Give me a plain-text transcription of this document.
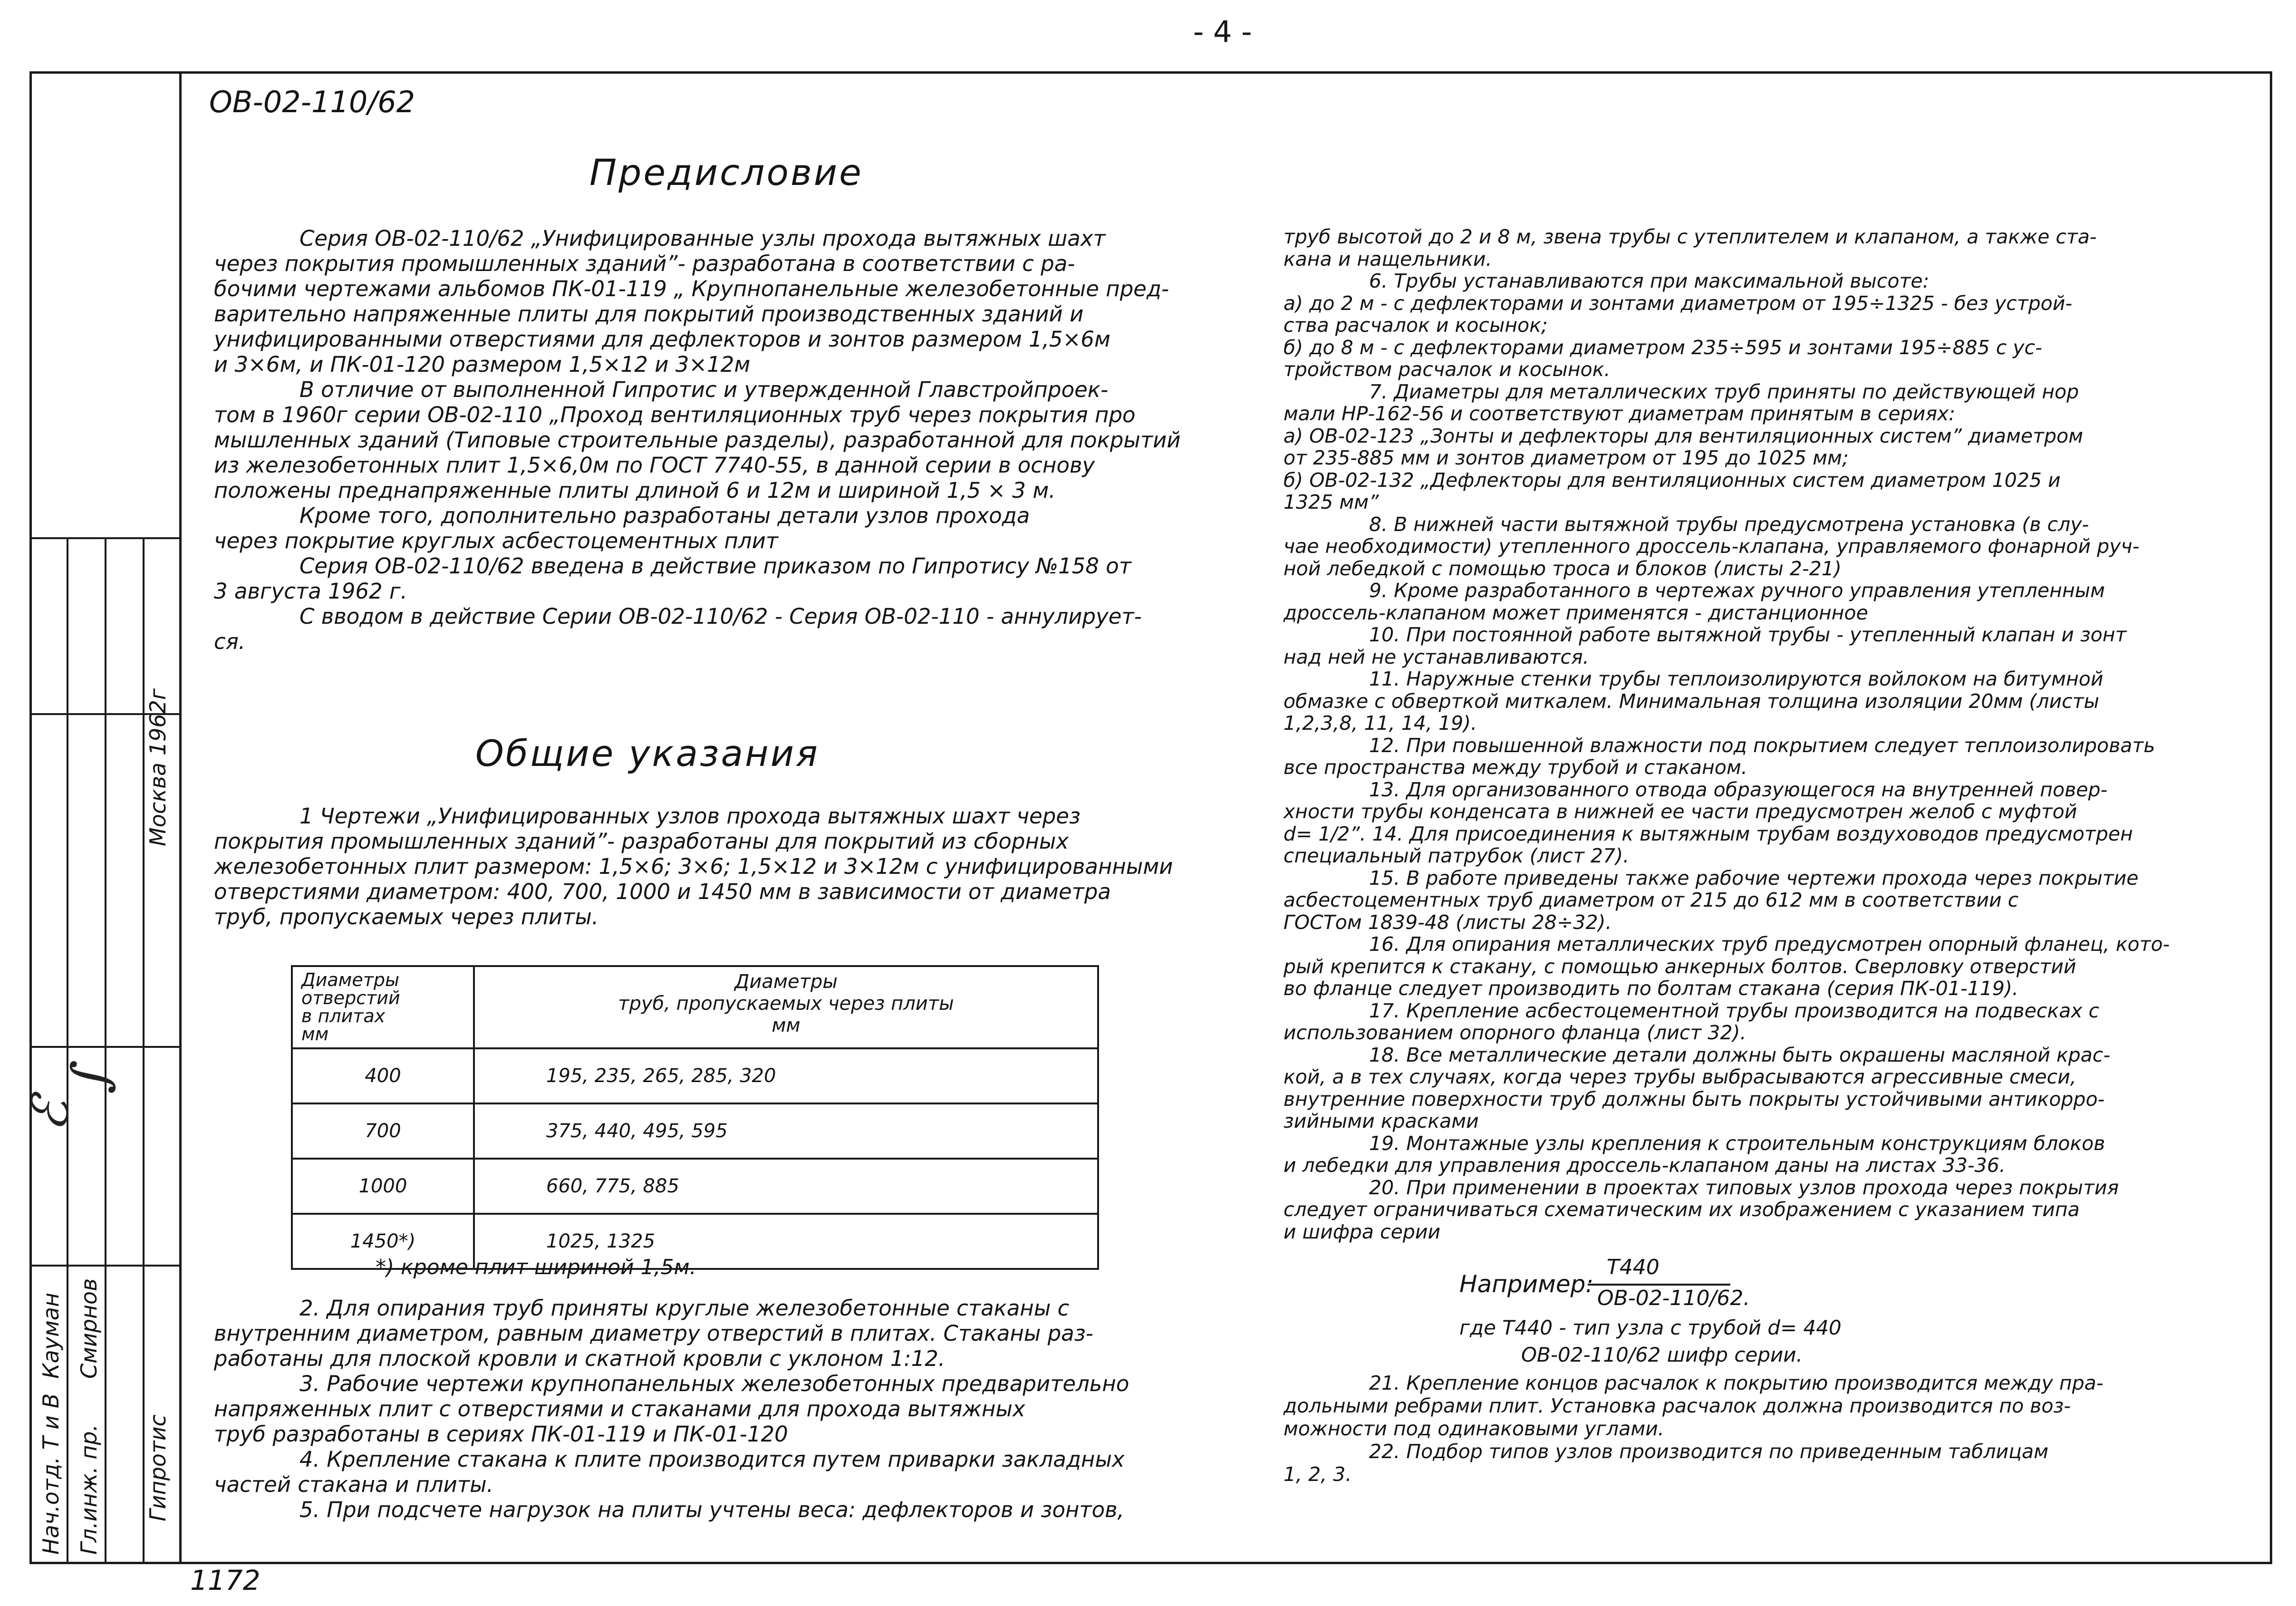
- 4 -
Гипротис
Москва 1962г
Нач.отд. Т и В Гл.инж. пр.
Кауман Смирнов
ℰ
∫
ОВ-02-110/62
Предисловие

Серия ОВ-02-110/62 „Унифицированные узлы прохода вытяжных шахт
через покрытия промышленных зданий”- разработана в соответствии с ра-
бочими чертежами альбомов ПК-01-119 „ Крупнопанельные железобетонные пред-
варительно напряженные плиты для покрытий производственных зданий и
унифицированными отверстиями для дефлекторов и зонтов размером 1,5×6м
и 3×6м, и ПК-01-120 размером 1,5×12 и 3×12м

В отличие от выполненной Гипротис и утвержденной Главстройпроек-
том в 1960г серии ОВ-02-110 „Проход вентиляционных труб через покрытия про
мышленных зданий (Типовые строительные разделы), разработанной для покрытий
из железобетонных плит 1,5×6,0м по ГОСТ 7740-55, в данной серии в основу
положены преднапряженные плиты длиной 6 и 12м и шириной 1,5 × 3 м.

Кроме того, дополнительно разработаны детали узлов прохода
через покрытие круглых асбестоцементных плит

Серия ОВ-02-110/62 введена в действие приказом по Гипротису №158 от
3 августа 1962 г.

С вводом в действие Серии ОВ-02-110/62 - Серия ОВ-02-110 - аннулирует-
ся.

Общие указания

1 Чертежи „Унифицированных узлов прохода вытяжных шахт через
покрытия промышленных зданий”- разработаны для покрытий из сборных
железобетонных плит размером: 1,5×6; 3×6; 1,5×12 и 3×12м с унифицированными
отверстиями диаметром: 400, 700, 1000 и 1450 мм в зависимости от диаметра
труб, пропускаемых через плиты.

Диаметры
отверстий
в плитах
мм	Диаметры
труб, пропускаемых через плиты
мм
400	195, 235, 265, 285, 320
700	375, 440, 495, 595
1000	660, 775, 885
1450*)	1025, 1325
*) кроме плит шириной 1,5м.

2. Для опирания труб приняты круглые железобетонные стаканы с
внутренним диаметром, равным диаметру отверстий в плитах. Стаканы раз-
работаны для плоской кровли и скатной кровли с уклоном 1:12.

3. Рабочие чертежи крупнопанельных железобетонных предварительно
напряженных плит с отверстиями и стаканами для прохода вытяжных
труб разработаны в сериях ПК-01-119 и ПК-01-120

4. Крепление стакана к плите производится путем приварки закладных
частей стакана и плиты.

5. При подсчете нагрузок на плиты учтены веса: дефлекторов и зонтов,

труб высотой до 2 и 8 м, звена трубы с утеплителем и клапаном, а также ста-
кана и нащельники.

6. Трубы устанавливаются при максимальной высоте:
а) до 2 м - с дефлекторами и зонтами диаметром от 195÷1325 - без устрой-
ства расчалок и косынок;
б) до 8 м - с дефлекторами диаметром 235÷595 и зонтами 195÷885 с ус-
тройством расчалок и косынок.

7. Диаметры для металлических труб приняты по действующей нор
мали НР-162-56 и соответствуют диаметрам принятым в сериях:
а) ОВ-02-123 „Зонты и дефлекторы для вентиляционных систем” диаметром
от 235-885 мм и зонтов диаметром от 195 до 1025 мм;
б) ОВ-02-132 „Дефлекторы для вентиляционных систем диаметром 1025 и
1325 мм”

8. В нижней части вытяжной трубы предусмотрена установка (в слу-
чае необходимости) утепленного дроссель-клапана, управляемого фонарной руч-
ной лебедкой с помощью троса и блоков (листы 2-21)

9. Кроме разработанного в чертежах ручного управления утепленным
дроссель-клапаном может применятся - дистанционное

10. При постоянной работе вытяжной трубы - утепленный клапан и зонт
над ней не устанавливаются.

11. Наружные стенки трубы теплоизолируются войлоком на битумной
обмазке с обверткой миткалем. Минимальная толщина изоляции 20мм (листы
1,2,3,8, 11, 14, 19).

12. При повышенной влажности под покрытием следует теплоизолировать
все пространства между трубой и стаканом.

13. Для организованного отвода образующегося на внутренней повер-
хности трубы конденсата в нижней ее части предусмотрен желоб с муфтой
d= 1/2”. 14. Для присоединения к вытяжным трубам воздуховодов предусмотрен
специальный патрубок (лист 27).

15. В работе приведены также рабочие чертежи прохода через покрытие
асбестоцементных труб диаметром от 215 до 612 мм в соответствии с
ГОСТом 1839-48 (листы 28÷32).

16. Для опирания металлических труб предусмотрен опорный фланец, кото-
рый крепится к стакану, с помощью анкерных болтов. Сверловку отверстий
во фланце следует производить по болтам стакана (серия ПК-01-119).

17. Крепление асбестоцементной трубы производится на подвесках с
использованием опорного фланца (лист 32).

18. Все металлические детали должны быть окрашены масляной крас-
кой, а в тех случаях, когда через трубы выбрасываются агрессивные смеси,
внутренние поверхности труб должны быть покрыты устойчивыми антикорро-
зийными красками

19. Монтажные узлы крепления к строительным конструкциям блоков
и лебедки для управления дроссель-клапаном даны на листах 33-36.

20. При применении в проектах типовых узлов прохода через покрытия
следует ограничиваться схематическим их изображением с указанием типа
и шифра серии

Например:
Т440
ОВ-02-110/62.
где Т440 - тип узла с трубой d= 440
ОВ-02-110/62 шифр серии.

21. Крепление концов расчалок к покрытию производится между пра-
дольными ребрами плит. Установка расчалок должна производится по воз-
можности под одинаковыми углами.

22. Подбор типов узлов производится по приведенным таблицам
1, 2, 3.

1172
